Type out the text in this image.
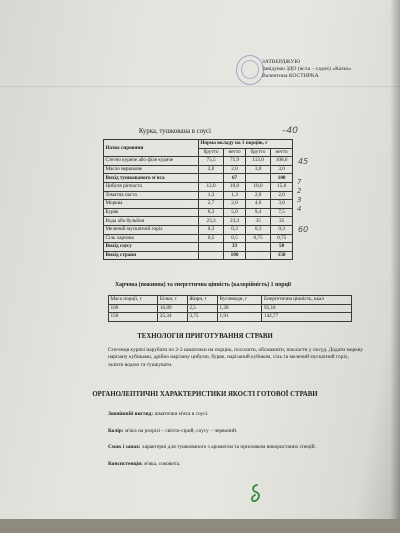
ЗАТВЕРДЖУЮ
Завідувач ЗДО (ясла – садок) «Казка»
Валентина КОСТИРКА
Курка, тушкована в соусі	–40
Назва сировини	Норма вкладу на 1 порцію, г			
	брутто	нетто	брутто	нетто
Стегно куряче або філе куряче	75,5	71,9	113,0	108,0
Масло вершкове	2,0	2,0	3,0	3,0
Вихід тушкованого м'яса		67		100
Цибуля ріпчаста	12,0	10,0	18,0	15,0
Томатна паста	1,3	1,3	2,0	2,0
Морква	2,7	2,0	4,0	3,0
Буряк	6,3	5,0	9,4	7,5
Вода або бульйон	23,3	23,3	35	35
Мелений мускатний горіх	0,3	0,3	0,3	0,3
Сіль харчова	0,5	0,5	0,75	0,75
Вихід соусу		33		50
Вихід страви		100		150
45
7
2
3
4
60
Харчова (поживна) та енергетична цінність (калорійність) 1 порції
Маса порції, г	Білки, г	Жири, г	Вуглеводи, г	Енергетична цінність, ккал
100	16,89	2,5	1,28	95,18
150	25,34	3,75	1,91	142,77
ТЕХНОЛОГІЯ ПРИГОТУВАННЯ СТРАВИ
Стегенця курячі нарубати по 2-3 шматочки на порцію, посолити, обсмажити, покласти у посуд. Додати моркву нарізану кубиками, дрібно нарізану цибулю, буряк, нарізаний кубиком, сіль та мелений мускатний горіх, залити водою та тушкувати.
ОРГАНОЛЕПТИЧНІ ХАРАКТЕРИСТИКИ ЯКОСТІ ГОТОВОЇ СТРАВИ
Зовнішній вигляд: шматочки м'яса в соусі.
Колір: м'яса на розрізі – світло-сірий, соусу – червоний.
Смак і запах: характерні для тушкованого з ароматом та присмаком використаних спецій.
Консистенція: м'яка, соковита.
